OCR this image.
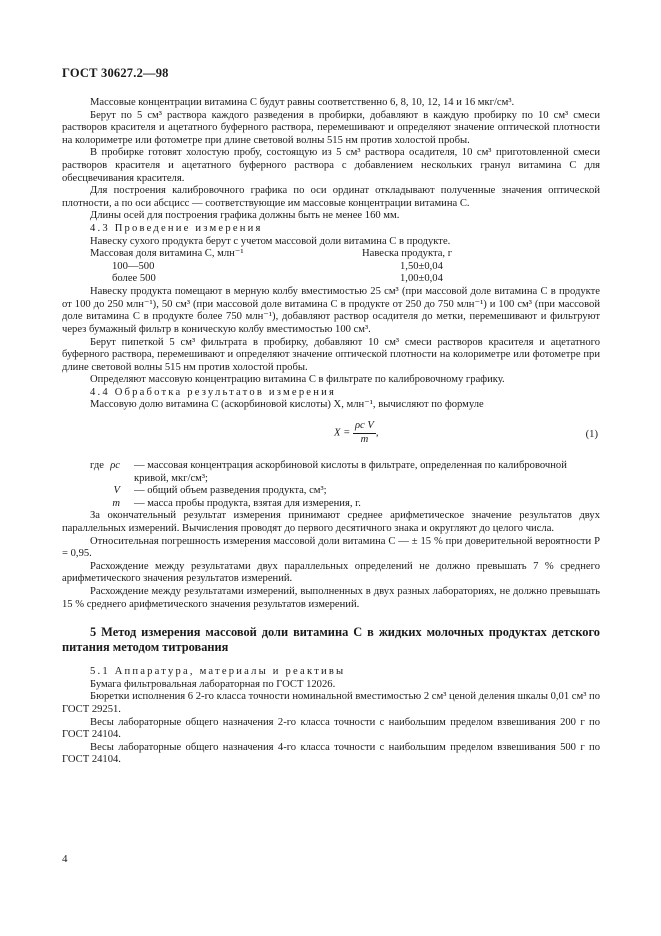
ГОСТ 30627.2—98

Массовые концентрации витамина С будут равны соответственно 6, 8, 10, 12, 14 и 16 мкг/см³.

Берут по 5 см³ раствора каждого разведения в пробирки, добавляют в каждую пробирку по 10 см³ смеси растворов красителя и ацетатного буферного раствора, перемешивают и определяют значение оптической плотности на колориметре или фотометре при длине световой волны 515 нм против холостой пробы.

В пробирке готовят холостую пробу, состоящую из 5 см³ раствора осадителя, 10 см³ приготовленной смеси растворов красителя и ацетатного буферного раствора с добавлением нескольких гранул витамина С для обесцвечивания красителя.

Для построения калибровочного графика по оси ординат откладывают полученные значения оптической плотности, а по оси абсцисс — соответствующие им массовые концентрации витамина С.

Длины осей для построения графика должны быть не менее 160 мм.

4.3 Проведение измерения

Навеску сухого продукта берут с учетом массовой доли витамина С в продукте.

Массовая доля витамина С, млн⁻¹	Навеска продукта, г
100—500	1,50±0,04
более 500	1,00±0,04

Навеску продукта помещают в мерную колбу вместимостью 25 см³ (при массовой доле витамина С в продукте от 100 до 250 млн⁻¹), 50 см³ (при массовой доле витамина С в продукте от 250 до 750 млн⁻¹) и 100 см³ (при массовой доле витамина С в продукте более 750 млн⁻¹), добавляют раствор осадителя до метки, перемешивают и фильтруют через бумажный фильтр в коническую колбу вместимостью 100 см³.

Берут пипеткой 5 см³ фильтрата в пробирку, добавляют 10 см³ смеси растворов красителя и ацетатного буферного раствора, перемешивают и определяют значение оптической плотности на колориметре или фотометре при длине световой волны 515 нм против холостой пробы.

Определяют массовую концентрацию витамина С в фильтрате по калибровочному графику.

4.4 Обработка результатов измерения

Массовую долю витамина С (аскорбиновой кислоты) X, млн⁻¹, вычисляют по формуле

$X = \frac{\text{ρc V}}{m}$ ,	(1)
где ρc — массовая концентрация аскорбиновой кислоты в фильтрате, определенная по калибровочной кривой, мкг/см³;
V — общий объем разведения продукта, см³;
m — масса пробы продукта, взятая для измерения, г.

За окончательный результат измерения принимают среднее арифметическое значение результатов двух параллельных измерений. Вычисления проводят до первого десятичного знака и округляют до целого числа.

Относительная погрешность измерения массовой доли витамина С — ± 15 % при доверительной вероятности P = 0,95.

Расхождение между результатами двух параллельных определений не должно превышать 7 % среднего арифметического значения результатов измерений.

Расхождение между результатами измерений, выполненных в двух разных лабораториях, не должно превышать 15 % среднего арифметического значения результатов измерений.

5 Метод измерения массовой доли витамина С в жидких молочных продуктах детского питания методом титрования

5.1 Аппаратура, материалы и реактивы

Бумага фильтровальная лабораторная по ГОСТ 12026.

Бюретки исполнения 6 2-го класса точности номинальной вместимостью 2 см³ ценой деления шкалы 0,01 см³ по ГОСТ 29251.

Весы лабораторные общего назначения 2-го класса точности с наибольшим пределом взвешивания 200 г по ГОСТ 24104.

Весы лабораторные общего назначения 4-го класса точности с наибольшим пределом взвешивания 500 г по ГОСТ 24104.

4
